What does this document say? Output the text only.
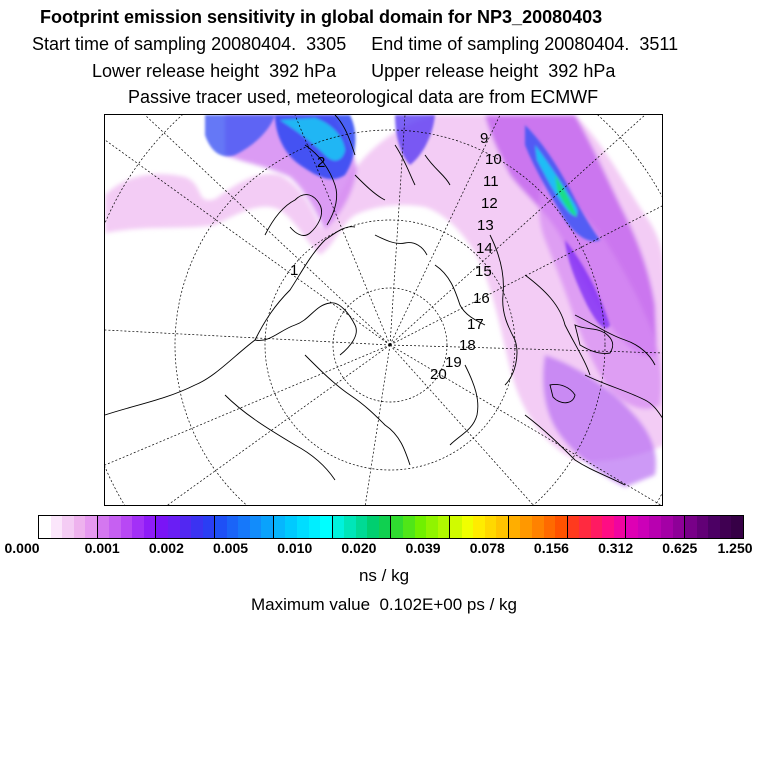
Footprint emission sensitivity in global domain for NP3_20080403
Start time of sampling 20080404.  3305     End time of sampling 20080404.  3511
Lower release height  392 hPa       Upper release height  392 hPa
Passive tracer used, meteorological data are from ECMWF
1
2
9
10
11
12
13
14
15
16
17
18
19
20
0.000	0.001 0.002 0.005 0.010 0.020 0.039 0.078 0.156 0.312 0.625 1.250
ns / kg
Maximum value  0.102E+00 ps / kg
